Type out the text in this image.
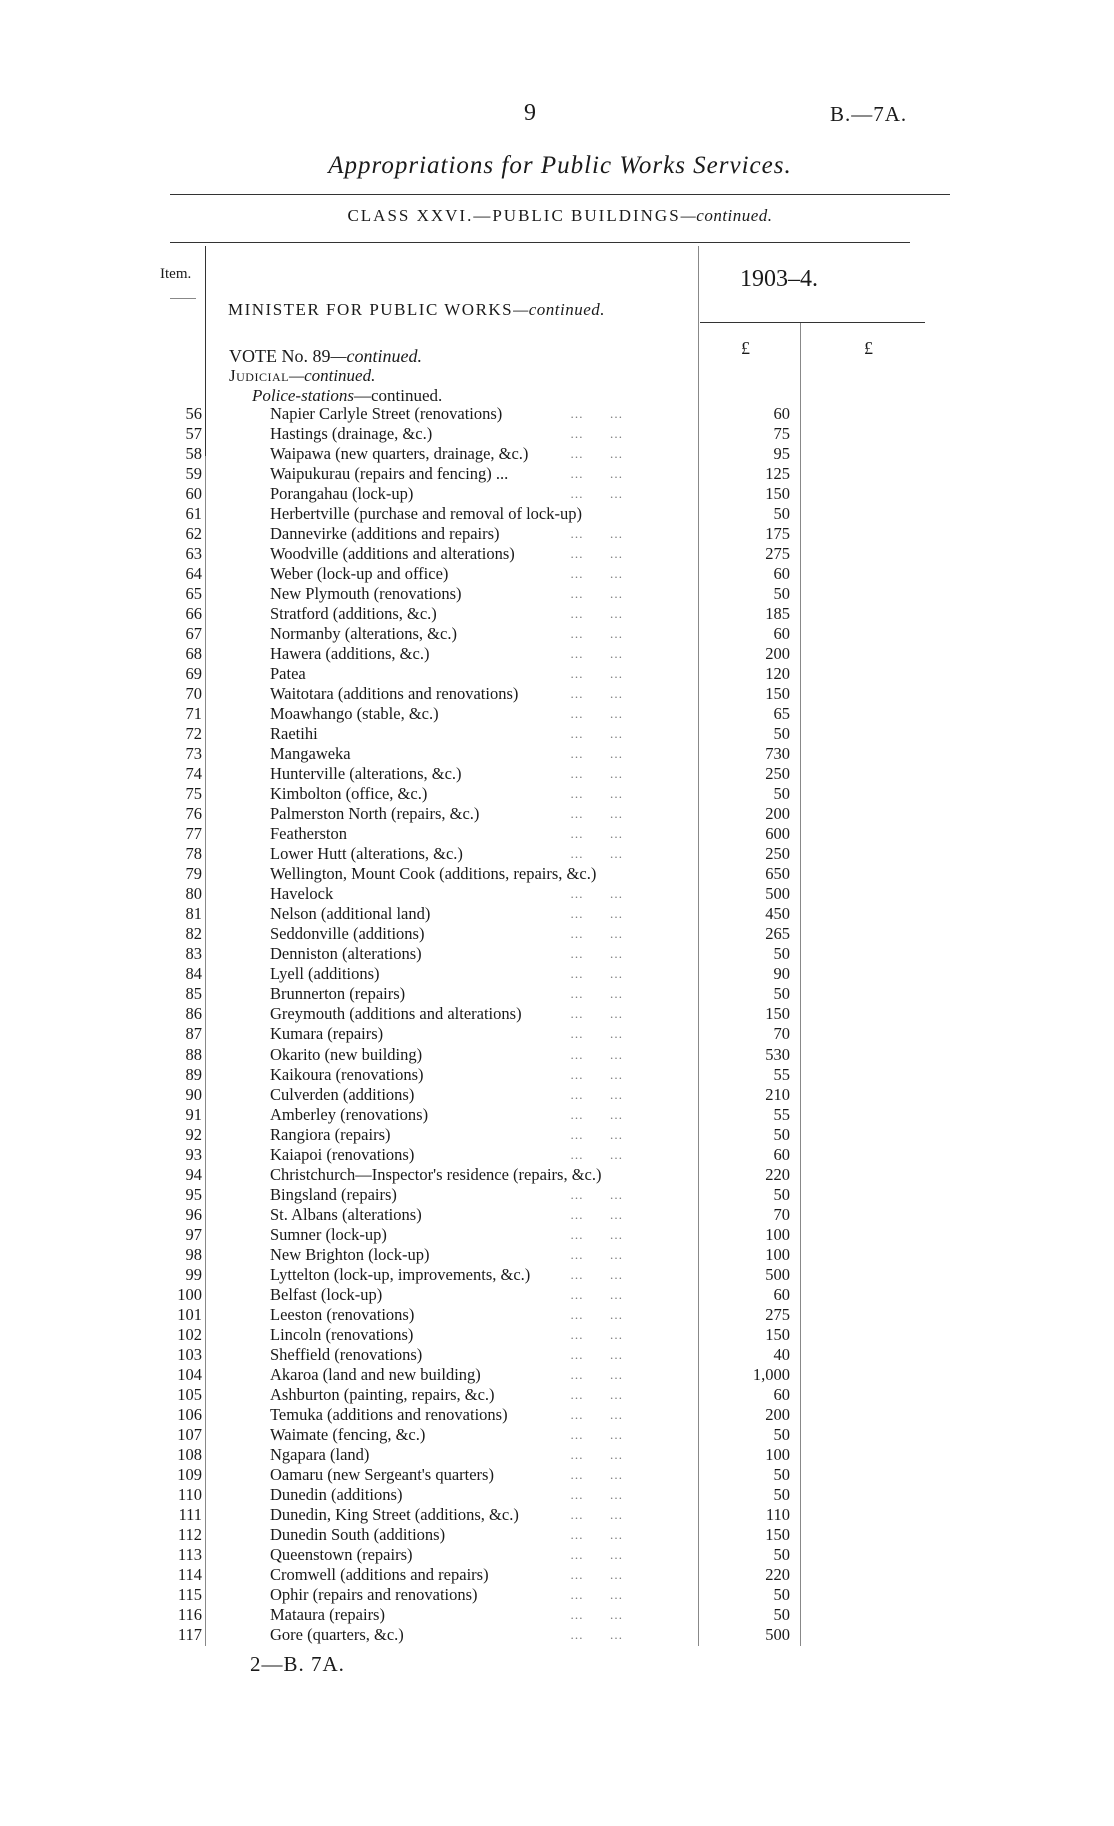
9	B.—7A.
Appropriations for Public Works Services.
CLASS XXVI.—PUBLIC BUILDINGS—continued.
Item.	1903–4.
MINISTER FOR PUBLIC WORKS—continued.
£	£
VOTE No. 89—continued.
Judicial—continued.
Police-stations—continued.
56	Napier Carlyle Street (renovations)	…      …	60
57	Hastings (drainage, &c.)	…      …	75
58	Waipawa (new quarters, drainage, &c.)	…      …	95
59	Waipukurau (repairs and fencing) ...	…      …	125
60	Porangahau (lock-up)	…      …	150
61	Herbertville (purchase and removal of lock-up)	50
62	Dannevirke (additions and repairs)	…      …	175
63	Woodville (additions and alterations)	…      …	275
64	Weber (lock-up and office)	…      …	60
65	New Plymouth (renovations)	…      …	50
66	Stratford (additions, &c.)	…      …	185
67	Normanby (alterations, &c.)	…      …	60
68	Hawera (additions, &c.)	…      …	200
69	Patea	…      …	120
70	Waitotara (additions and renovations)	…      …	150
71	Moawhango (stable, &c.)	…      …	65
72	Raetihi	…      …	50
73	Mangaweka	…      …	730
74	Hunterville (alterations, &c.)	…      …	250
75	Kimbolton (office, &c.)	…      …	50
76	Palmerston North (repairs, &c.)	…      …	200
77	Featherston	…      …	600
78	Lower Hutt (alterations, &c.)	…      …	250
79	Wellington, Mount Cook (additions, repairs, &c.)	650
80	Havelock	…      …	500
81	Nelson (additional land)	…      …	450
82	Seddonville (additions)	…      …	265
83	Denniston (alterations)	…      …	50
84	Lyell (additions)	…      …	90
85	Brunnerton (repairs)	…      …	50
86	Greymouth (additions and alterations)	…      …	150
87	Kumara (repairs)	…      …	70
88	Okarito (new building)	…      …	530
89	Kaikoura (renovations)	…      …	55
90	Culverden (additions)	…      …	210
91	Amberley (renovations)	…      …	55
92	Rangiora (repairs)	…      …	50
93	Kaiapoi (renovations)	…      …	60
94	Christchurch—Inspector's residence (repairs, &c.)	220
95	Bingsland (repairs)	…      …	50
96	St. Albans (alterations)	…      …	70
97	Sumner (lock-up)	…      …	100
98	New Brighton (lock-up)	…      …	100
99	Lyttelton (lock-up, improvements, &c.)	…      …	500
100	Belfast (lock-up)	…      …	60
101	Leeston (renovations)	…      …	275
102	Lincoln (renovations)	…      …	150
103	Sheffield (renovations)	…      …	40
104	Akaroa (land and new building)	…      …	1,000
105	Ashburton (painting, repairs, &c.)	…      …	60
106	Temuka (additions and renovations)	…      …	200
107	Waimate (fencing, &c.)	…      …	50
108	Ngapara (land)	…      …	100
109	Oamaru (new Sergeant's quarters)	…      …	50
110	Dunedin (additions)	…      …	50
111	Dunedin, King Street (additions, &c.)	…      …	110
112	Dunedin South (additions)	…      …	150
113	Queenstown (repairs)	…      …	50
114	Cromwell (additions and repairs)	…      …	220
115	Ophir (repairs and renovations)	…      …	50
116	Mataura (repairs)	…      …	50
117	Gore (quarters, &c.)	…      …	500
2—B. 7A.
